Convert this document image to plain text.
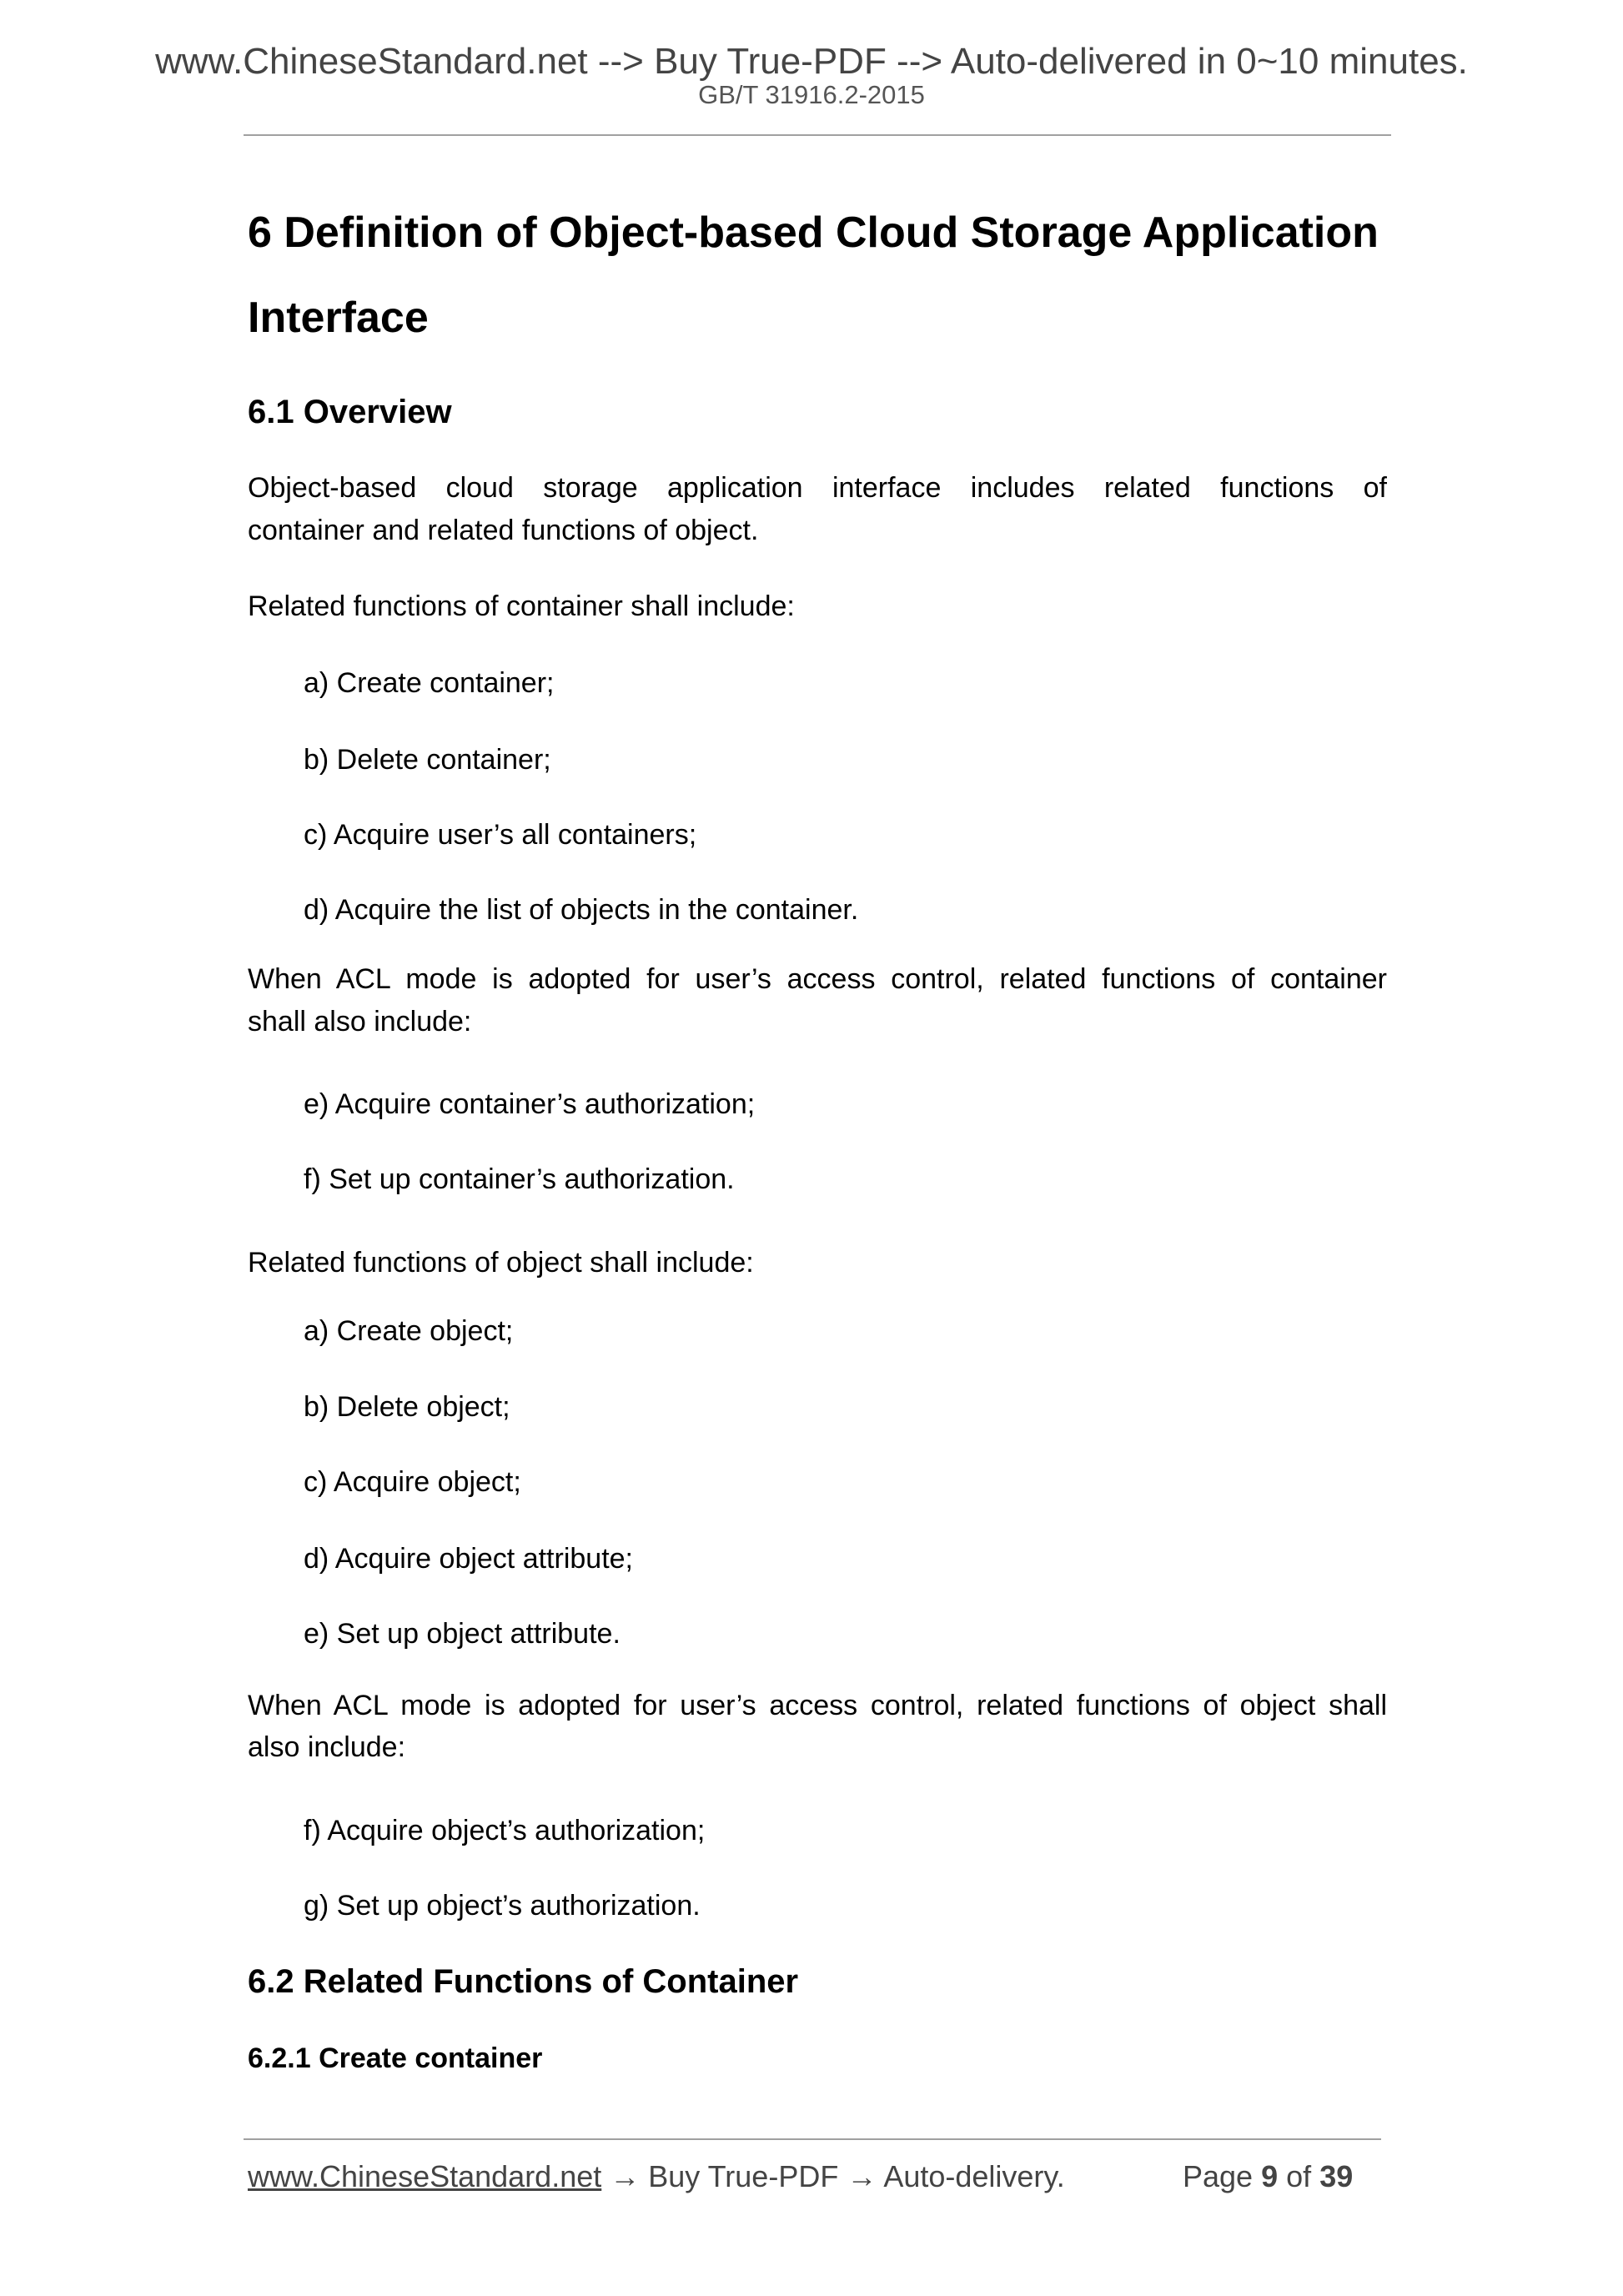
www.ChineseStandard.net --> Buy True-PDF --> Auto-delivered in 0~10 minutes.
GB/T 31916.2-2015
6 Definition of Object-based Cloud Storage Application
Interface
6.1 Overview
Object-based cloud storage application interface includes related functions of
container and related functions of object.
Related functions of container shall include:
a) Create container;
b) Delete container;
c) Acquire user’s all containers;
d) Acquire the list of objects in the container.
When ACL mode is adopted for user’s access control, related functions of container
shall also include:
e) Acquire container’s authorization;
f) Set up container’s authorization.
Related functions of object shall include:
a) Create object;
b) Delete object;
c) Acquire object;
d) Acquire object attribute;
e) Set up object attribute.
When ACL mode is adopted for user’s access control, related functions of object shall
also include:
f) Acquire object’s authorization;
g) Set up object’s authorization.
6.2 Related Functions of Container
6.2.1 Create container
www.ChineseStandard.net → Buy True-PDF → Auto-delivery.	Page 9 of 39
